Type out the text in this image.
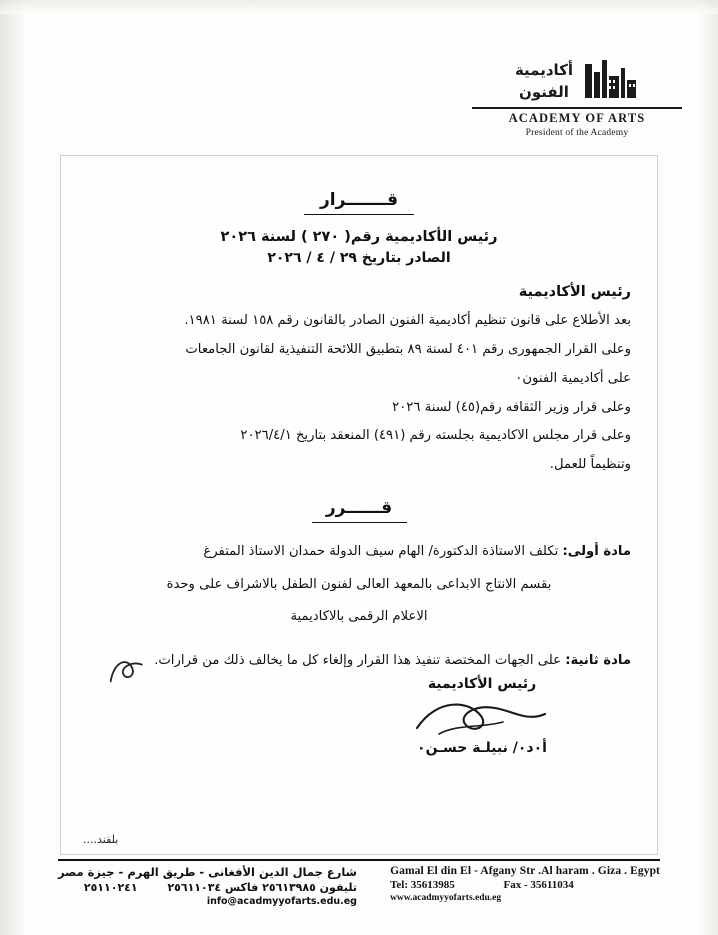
أكاديمية
الفنون
ACADEMY OF ARTS
President of the Academy
قـــــــرار
رئيس الأكاديمية رقم( ٢٧٠ ) لسنة ٢٠٢٦
الصادر بتاريخ ٢٩ / ٤ / ٢٠٢٦
رئيس الأكاديمية
بعد الأطلاع على قانون تنظيم أكاديمية الفنون الصادر بالقانون رقم ١٥٨ لسنة ١٩٨١.
وعلى القرار الجمهورى رقم ٤٠١ لسنة ٨٩ بتطبيق اللائحة التنفيذية لقانون الجامعات
على أكاديمية الفنون٠
وعلى قرار وزير الثقافه رقم(٤٥) لسنة ٢٠٢٦
وعلى قرار مجلس الاكاديمية بجلسته رقم (٤٩١) المنعقد بتاريخ ٢٠٢٦/٤/١
وتنظيماً للعمل.
قــــــرر
مادة أولى: تكلف الاستاذة الدكتورة/ الهام سيف الدولة حمدان الاستاذ المتفرغ
بقسم الانتاج الابداعى بالمعهد العالى لفنون الطفل بالاشراف على وحدة
الاعلام الرقمى بالاكاديمية
مادة ثانية: على الجهات المختصة تنفيذ هذا القرار وإلغاء كل ما يخالف ذلك من قرارات.
رئيس الأكاديمية
أ٠د٠/ نبيلـة حسـن٠
بلفند....
Gamal El din El - Afgany Str .Al haram . Giza . Egypt
Tel: 35613985	Fax - 35611034
www.acadmyyofarts.edu.eg
شارع جمال الدين الأفغانى - طريق الهرم - جيزة مصر
تليفون ٢٥٦١٣٩٨٥ فاكس ٢٥٦١١٠٣٤ ٢٥١١٠٢٤١
info@acadmyyofarts.edu.eg
